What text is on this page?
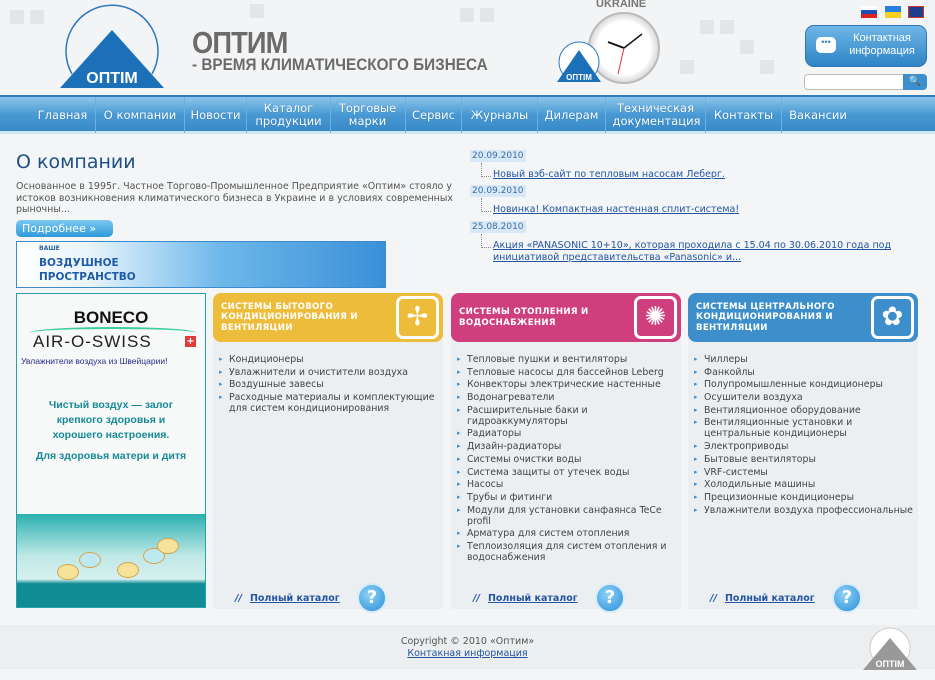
ОПТІМ
ОПТИМ
- ВРЕМЯ КЛИМАТИЧЕСКОГО БИЗНЕСА
UKRAINE
ОПТІМ
•••	Контактная информация
🔍
Главная О компании Новости	Каталог продукции
Торговые марки	Сервис Журналы Дилерам	Техническая документация Контакты Вакансии
О компании
Основанное в 1995г. Частное Торгово-Промышленное Предприятие «Оптим» стояло у истоков возникновения климатического бизнеса в Украине и в условиях современных рыночны...
Подробнее »
ВАШЕ
ВОЗДУШНОЕ ПРОСТРАНСТВО
20.09.2010
Новый вэб-сайт по тепловым насосам Леберг.
20.09.2010
Новинка! Компактная настенная сплит-система!
25.08.2010
Акция «PANASONIC 10+10», которая проходила с 15.04 по 30.06.2010 года под инициативой представительства «Panasonic» и...
BONECO
AIR-O-SWISS	+
Увлажнители воздуха из Швейцарии!
Чистый воздух — залог крепкого здоровья и хорошего настроения.
Для здоровья матери и дитя
СИСТЕМЫ БЫТОВОГО КОНДИЦИОНИРОВАНИЯ И ВЕНТИЛЯЦИИ	✢
▸ Кондиционеры
▸ Увлажнители и очистители воздуха
▸ Воздушные завесы
▸ Расходные материалы и комплектующие для систем кондиционирования
// Полный каталог	?
СИСТЕМЫ ОТОПЛЕНИЯ И ВОДОСНАБЖЕНИЯ	✺
▸ Тепловые пушки и вентиляторы
▸ Тепловые насосы для бассейнов Leberg
▸ Конвекторы электрические настенные
▸ Водонагреватели
▸ Расширительные баки и гидроаккумуляторы
▸ Радиаторы
▸ Дизайн-радиаторы
▸ Системы очистки воды
▸ Система защиты от утечек воды
▸ Насосы
▸ Трубы и фитинги
▸ Модули для установки санфаянса TeCe profil
▸ Арматура для систем отопления
▸ Теплоизоляция для систем отопления и водоснабжения
// Полный каталог	?
СИСТЕМЫ ЦЕНТРАЛЬНОГО КОНДИЦИОНИРОВАНИЯ И ВЕНТИЛЯЦИИ	✿
▸ Чиллеры
▸ Фанкойлы
▸ Полупромышленные кондиционеры
▸ Осушители воздуха
▸ Вентиляционное оборудование
▸ Вентиляционные установки и центральные кондиционеры
▸ Электроприводы
▸ Бытовые вентиляторы
▸ VRF-системы
▸ Холодильные машины
▸ Прецизионные кондиционеры
▸ Увлажнители воздуха профессиональные
// Полный каталог	?
Copyright © 2010 «Оптим»
Контакная информация
ОПТІМ
